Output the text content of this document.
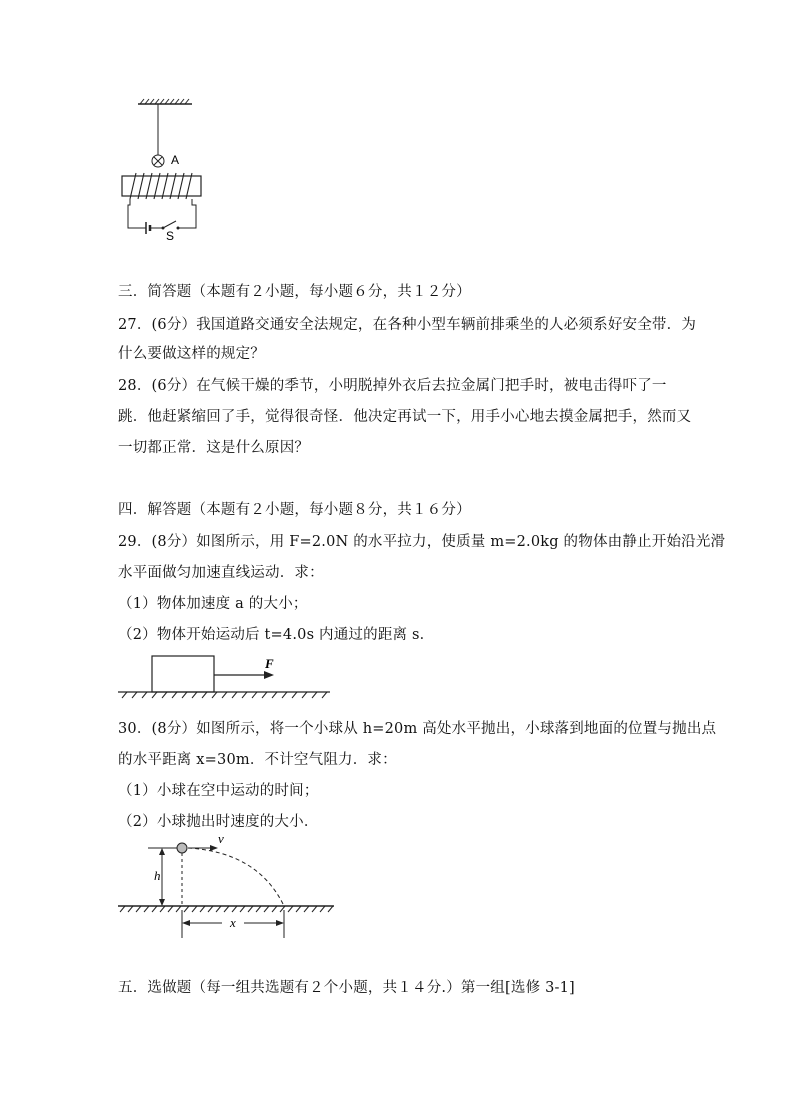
A
S
三．简答题（本题有２小题，每小题６分，共１２分）
27．(6分）我国道路交通安全法规定，在各种小型车辆前排乘坐的人必须系好安全带．为
什么要做这样的规定？
28．(6分）在气候干燥的季节，小明脱掉外衣后去拉金属门把手时，被电击得吓了一
跳．他赶紧缩回了手，觉得很奇怪．他决定再试一下，用手小心地去摸金属把手，然而又
一切都正常．这是什么原因？
四．解答题（本题有２小题，每小题８分，共１６分）
29．(8分）如图所示，用 F=2.0N 的水平拉力，使质量 m=2.0kg 的物体由静止开始沿光滑
水平面做匀加速直线运动．求：
（1）物体加速度 a 的大小；
（2）物体开始运动后 t=4.0s 内通过的距离 s．
F
30．(8分）如图所示，将一个小球从 h=20m 高处水平抛出，小球落到地面的位置与抛出点
的水平距离 x=30m．不计空气阻力．求：
（1）小球在空中运动的时间；
（2）小球抛出时速度的大小．
v
h
x
五．选做题（每一组共选题有２个小题，共１４分.）第一组[选修 3-1]
